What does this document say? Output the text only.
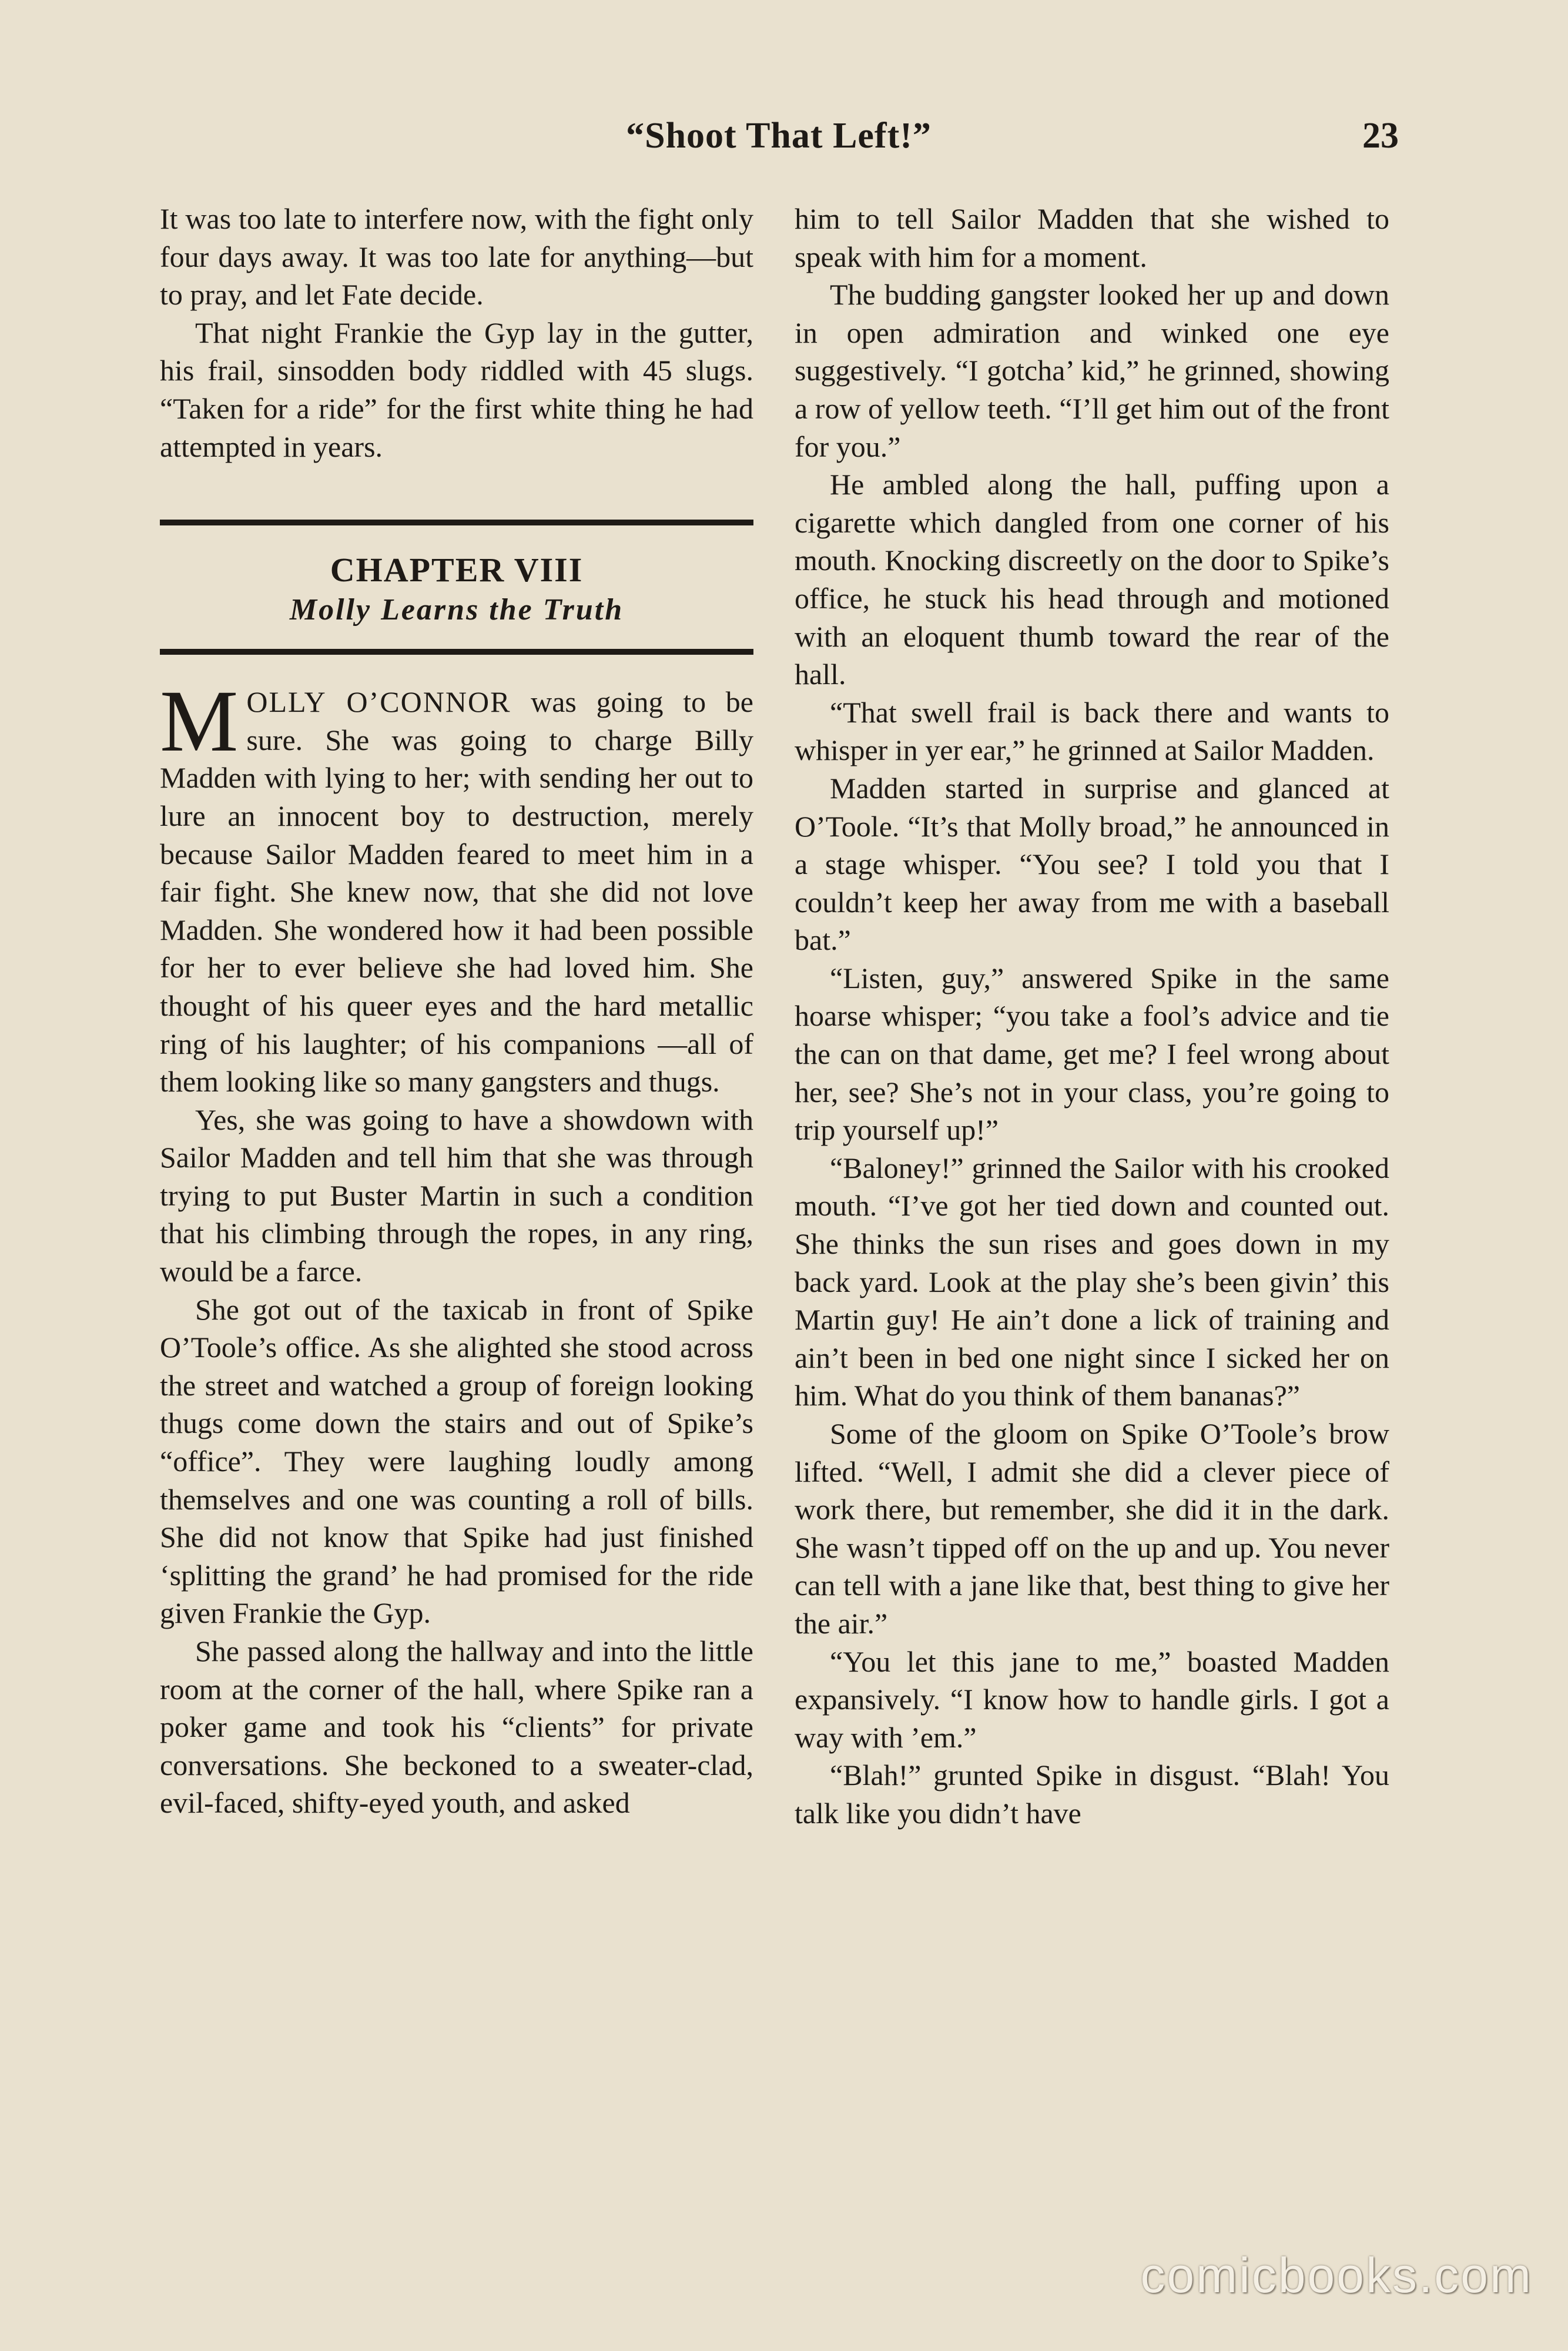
“Shoot That Left!”	23

It was too late to interfere now, with the fight only four days away. It was too late for anything—but to pray, and let Fate decide.

That night Frankie the Gyp lay in the gutter, his frail, sinsodden body riddled with 45 slugs. “Taken for a ride” for the first white thing he had attempted in years.

CHAPTER VIII
Molly Learns the Truth

MOLLY O’CONNOR was going to be sure. She was going to charge Billy Madden with lying to her; with sending her out to lure an innocent boy to destruction, merely because Sailor Madden feared to meet him in a fair fight. She knew now, that she did not love Madden. She wondered how it had been possible for her to ever believe she had loved him. She thought of his queer eyes and the hard metallic ring of his laughter; of his companions —all of them looking like so many gangsters and thugs.

Yes, she was going to have a showdown with Sailor Madden and tell him that she was through trying to put Buster Martin in such a condition that his climbing through the ropes, in any ring, would be a farce.

She got out of the taxicab in front of Spike O’Toole’s office. As she alighted she stood across the street and watched a group of foreign looking thugs come down the stairs and out of Spike’s “office”. They were laughing loudly among themselves and one was counting a roll of bills. She did not know that Spike had just finished ‘splitting the grand’ he had promised for the ride given Frankie the Gyp.

She passed along the hallway and into the little room at the corner of the hall, where Spike ran a poker game and took his “clients” for private conversations. She beckoned to a sweater-clad, evil-faced, shifty-eyed youth, and asked

him to tell Sailor Madden that she wished to speak with him for a moment.

The budding gangster looked her up and down in open admiration and winked one eye suggestively. “I gotcha’ kid,” he grinned, showing a row of yellow teeth. “I’ll get him out of the front for you.”

He ambled along the hall, puffing upon a cigarette which dangled from one corner of his mouth. Knocking discreetly on the door to Spike’s office, he stuck his head through and motioned with an eloquent thumb toward the rear of the hall.

“That swell frail is back there and wants to whisper in yer ear,” he grinned at Sailor Madden.

Madden started in surprise and glanced at O’Toole. “It’s that Molly broad,” he announced in a stage whisper. “You see? I told you that I couldn’t keep her away from me with a baseball bat.”

“Listen, guy,” answered Spike in the same hoarse whisper; “you take a fool’s advice and tie the can on that dame, get me? I feel wrong about her, see? She’s not in your class, you’re going to trip yourself up!”

“Baloney!” grinned the Sailor with his crooked mouth. “I’ve got her tied down and counted out. She thinks the sun rises and goes down in my back yard. Look at the play she’s been givin’ this Martin guy! He ain’t done a lick of training and ain’t been in bed one night since I sicked her on him. What do you think of them bananas?”

Some of the gloom on Spike O’Toole’s brow lifted. “Well, I admit she did a clever piece of work there, but remember, she did it in the dark. She wasn’t tipped off on the up and up. You never can tell with a jane like that, best thing to give her the air.”

“You let this jane to me,” boasted Madden expansively. “I know how to handle girls. I got a way with ’em.”

“Blah!” grunted Spike in disgust. “Blah! You talk like you didn’t have

comicbooks.com
